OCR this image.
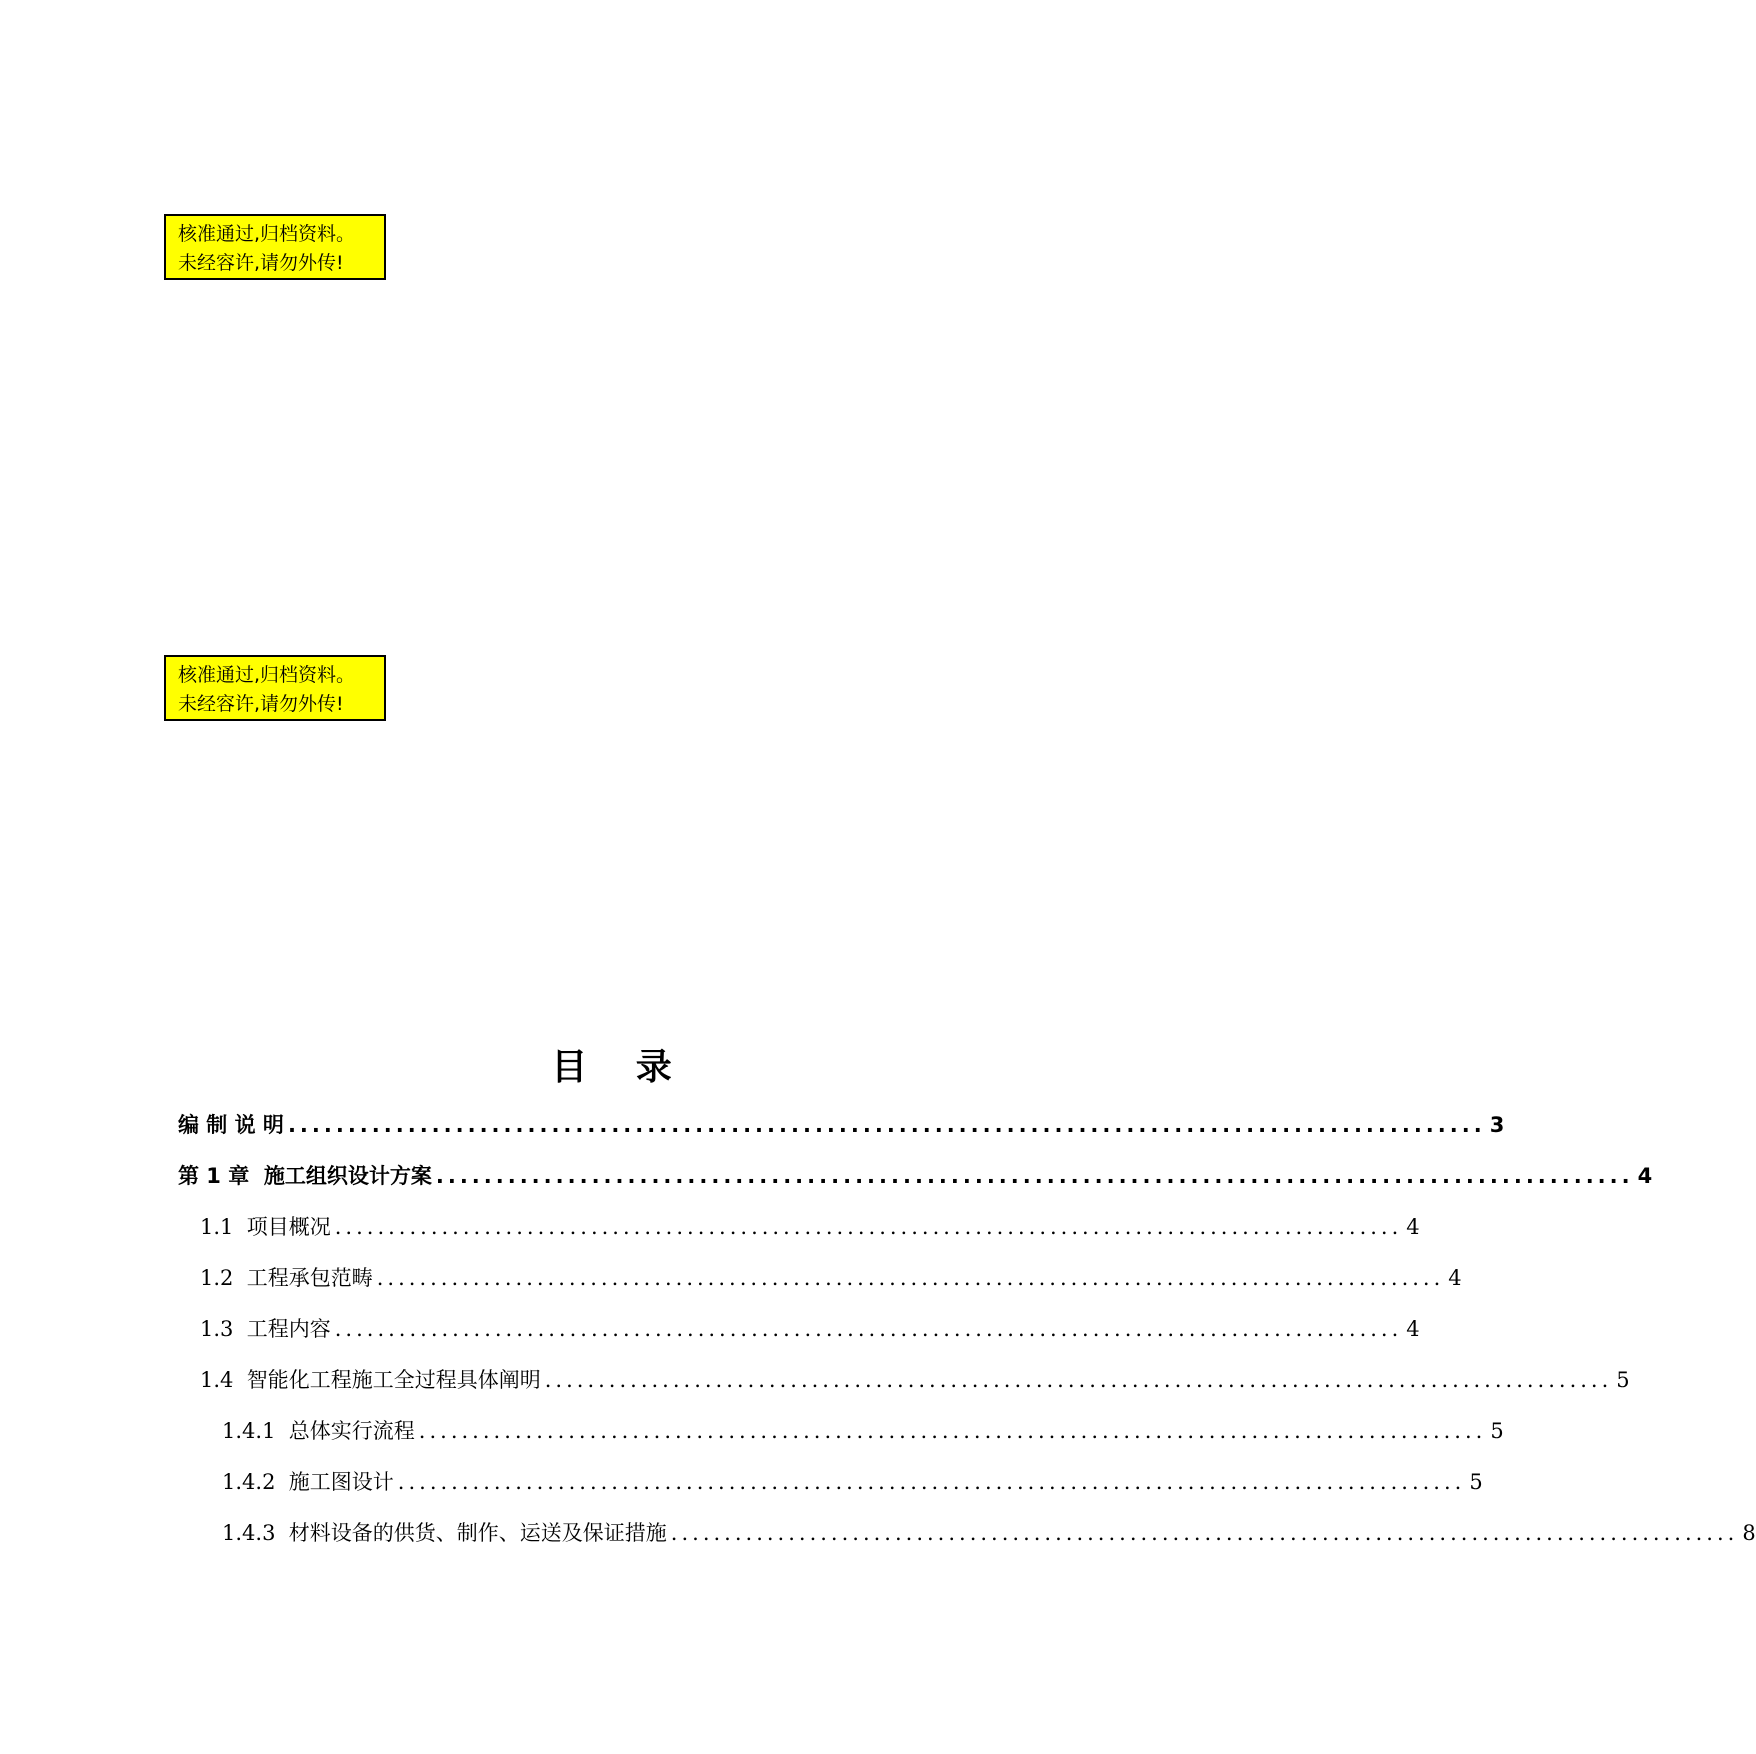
核准通过,归档资料。
未经容许,请勿外传!
核准通过,归档资料。
未经容许,请勿外传!
目 录
编 制 说 明 .................................................................................................... 3
第 1 章  施工组织设计方案 .................................................................................................... 4
1.1  项目概况 .................................................................................................... 4
1.2  工程承包范畴 .................................................................................................... 4
1.3  工程内容 .................................................................................................... 4
1.4  智能化工程施工全过程具体阐明 .................................................................................................... 5
1.4.1  总体实行流程 .................................................................................................... 5
1.4.2  施工图设计 .................................................................................................... 5
1.4.3  材料设备的供货、制作、运送及保证措施 .................................................................................................... 8
